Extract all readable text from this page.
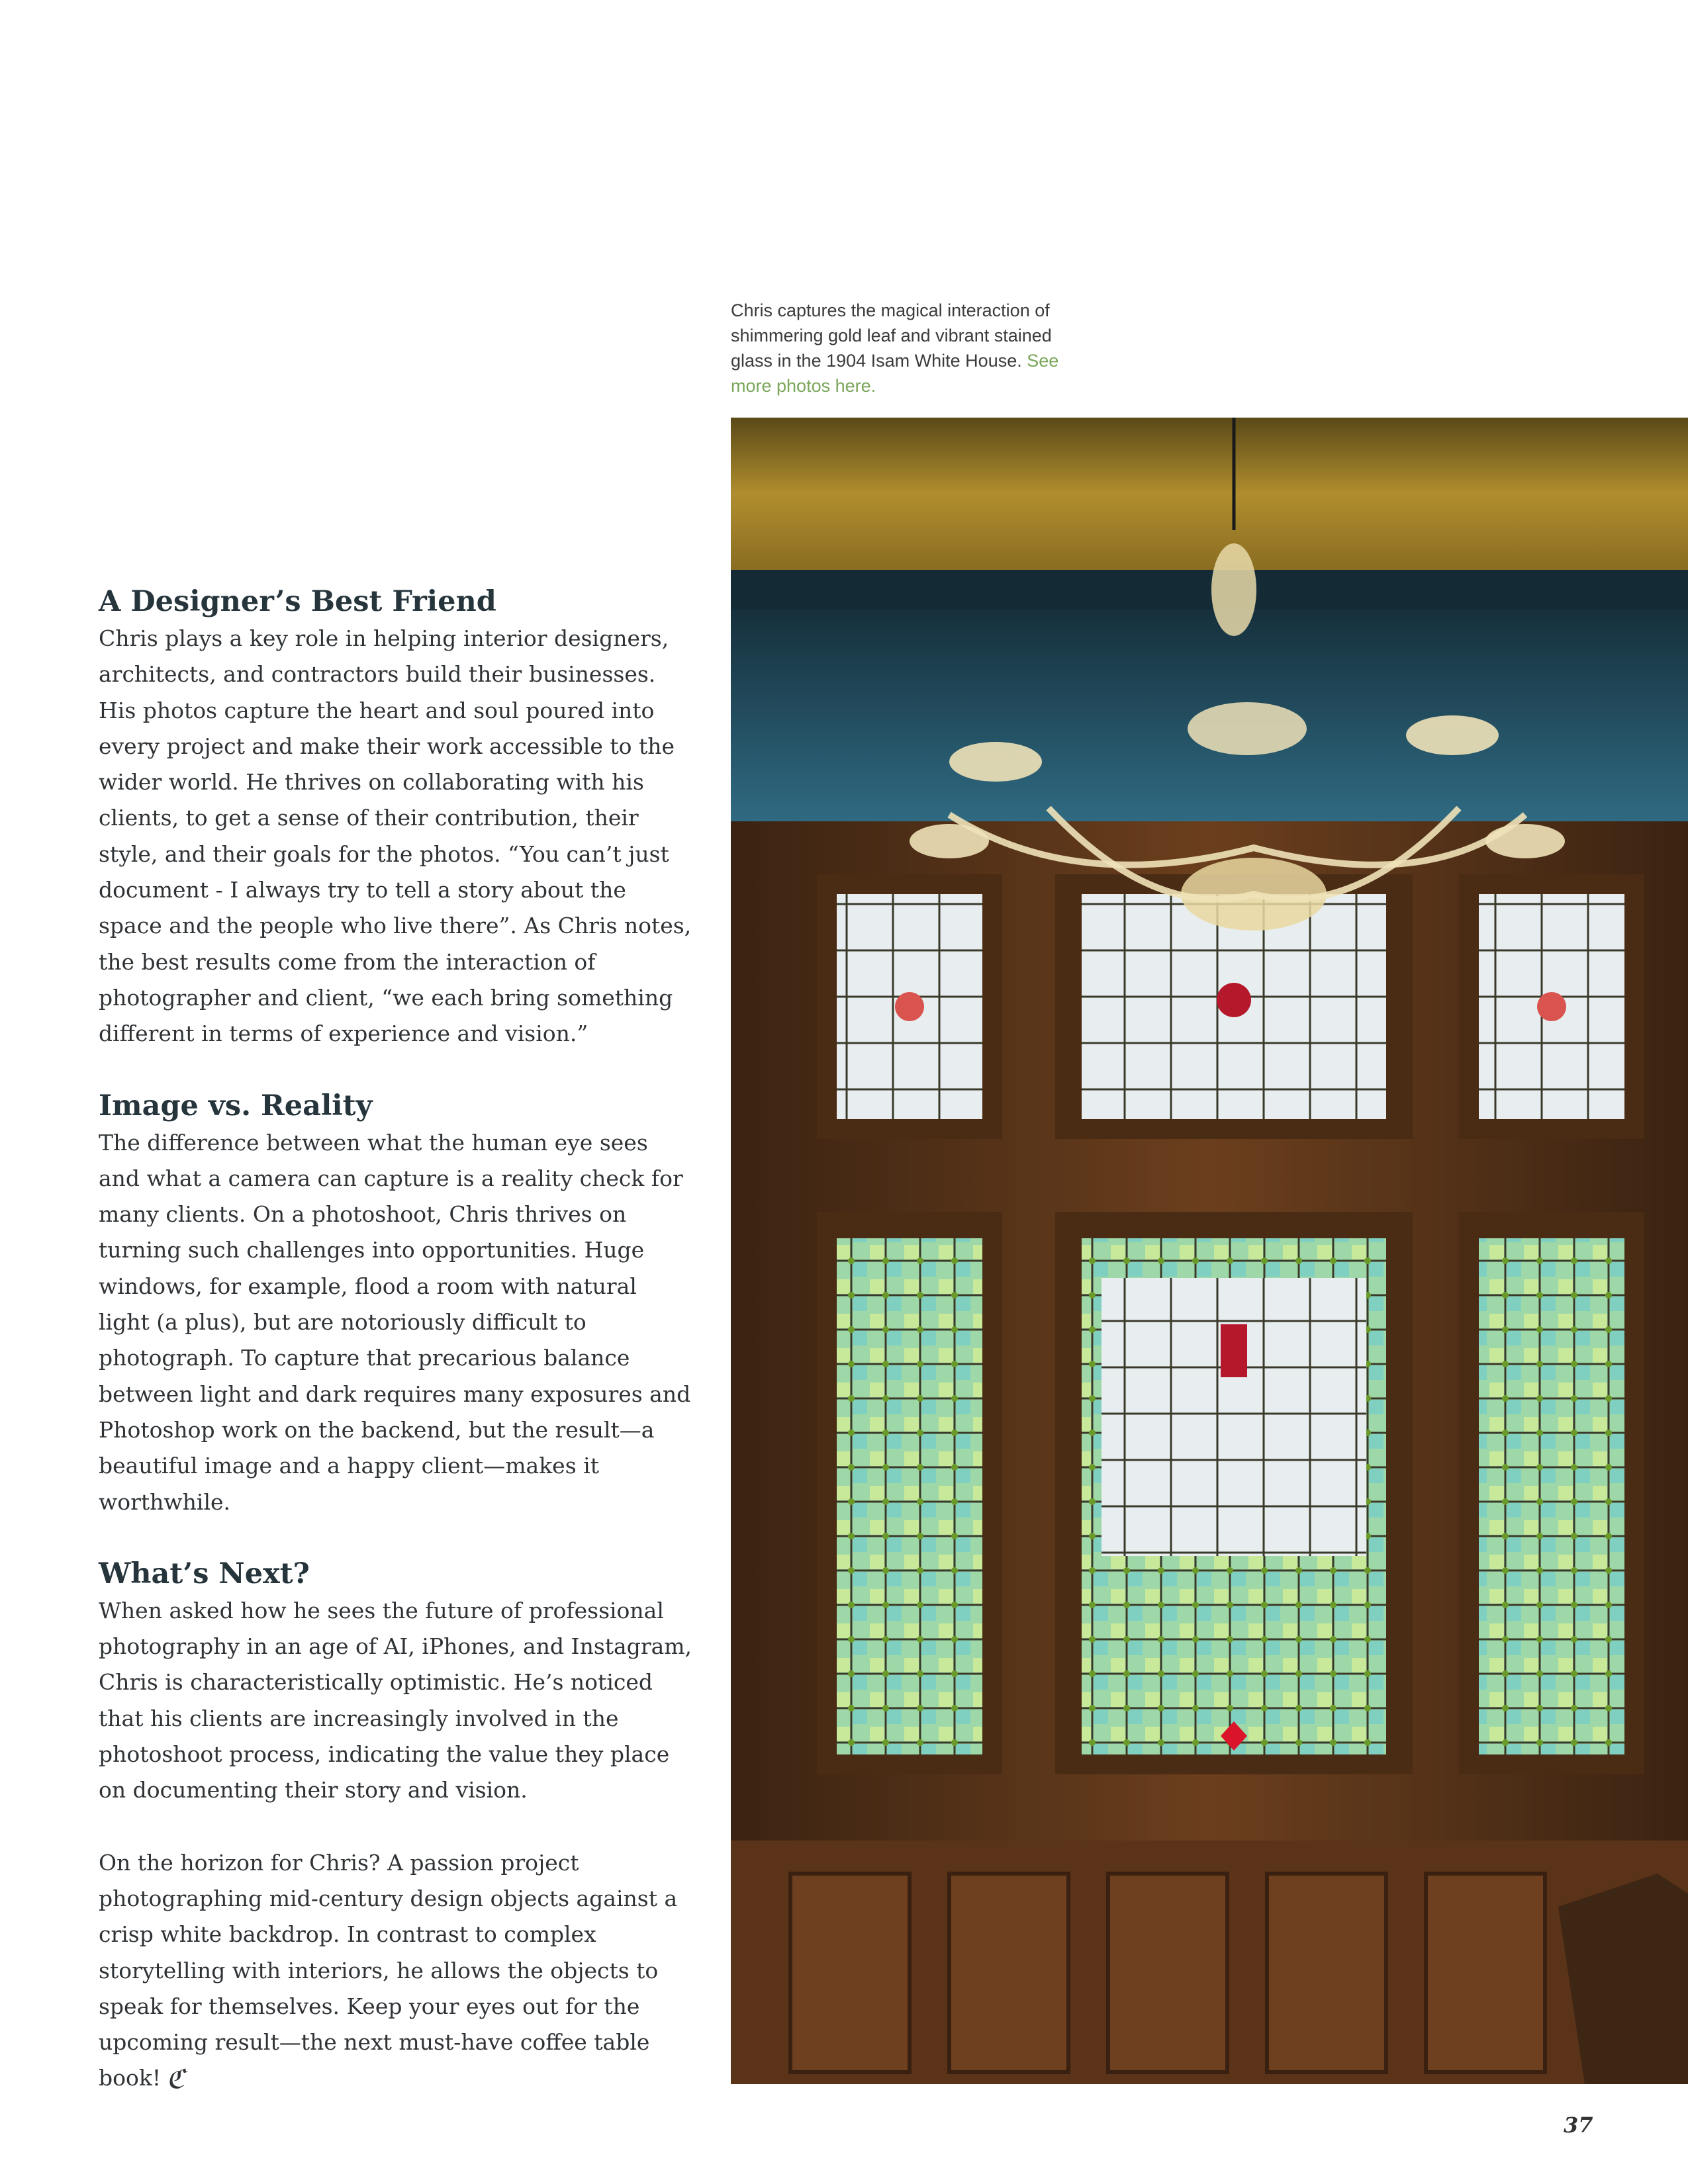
Chris captures the magical interaction of shimmering gold leaf and vibrant stained glass in the 1904 Isam White House. See more photos here.
A Designer’s Best Friend

Chris plays a key role in helping interior designers, architects, and contractors build their businesses. His photos capture the heart and soul poured into every project and make their work accessible to the wider world. He thrives on collaborating with his clients, to get a sense of their contribution, their style, and their goals for the photos. “You can’t just document - I always try to tell a story about the space and the people who live there”. As Chris notes, the best results come from the interaction of photographer and client, “we each bring something different in terms of experience and vision.”

Image vs. Reality

The difference between what the human eye sees and what a camera can capture is a reality check for many clients. On a photoshoot, Chris thrives on turning such challenges into opportunities. Huge windows, for example, flood a room with natural light (a plus), but are notoriously difficult to photograph. To capture that precarious balance between light and dark requires many exposures and Photoshop work on the backend, but the result—a beautiful image and a happy client—makes it worthwhile.

What’s Next?

When asked how he sees the future of professional photography in an age of AI, iPhones, and Instagram, Chris is characteristically optimistic. He’s noticed that his clients are increasingly involved in the photoshoot process, indicating the value they place on documenting their story and vision.

On the horizon for Chris? A passion project photographing mid-century design objects against a crisp white backdrop. In contrast to complex storytelling with interiors, he allows the objects to speak for themselves. Keep your eyes out for the upcoming result—the next must-have coffee table book! ℭ

37
